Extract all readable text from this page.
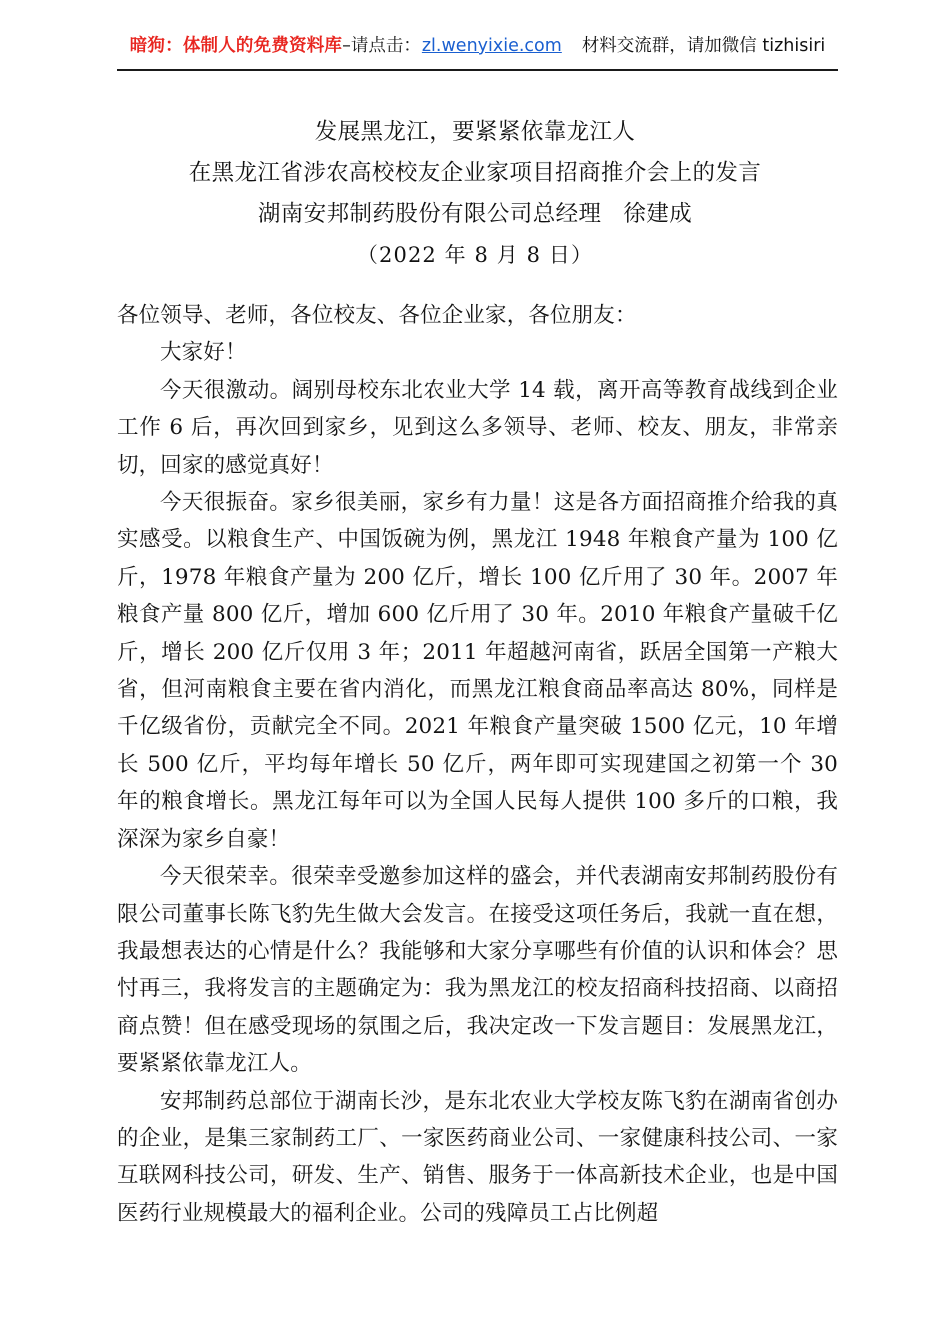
暗狗：体制人的免费资料库–请点击：zl.wenyixie.com 材料交流群，请加微信 tizhisiri
发展黑龙江，要紧紧依靠龙江人
在黑龙江省涉农高校校友企业家项目招商推介会上的发言
湖南安邦制药股份有限公司总经理 徐建成
（2022 年 8 月 8 日）

各位领导、老师，各位校友、各位企业家，各位朋友：

大家好！

今天很激动。阔别母校东北农业大学 14 载，离开高等教育战线到企业工作 6 后，再次回到家乡，见到这么多领导、老师、校友、朋友，非常亲切，回家的感觉真好！

今天很振奋。家乡很美丽，家乡有力量！这是各方面招商推介给我的真实感受。以粮食生产、中国饭碗为例，黑龙江 1948 年粮食产量为 100 亿斤，1978 年粮食产量为 200 亿斤，增长 100 亿斤用了 30 年。2007 年粮食产量 800 亿斤，增加 600 亿斤用了 30 年。2010 年粮食产量破千亿斤，增长 200 亿斤仅用 3 年；2011 年超越河南省，跃居全国第一产粮大省，但河南粮食主要在省内消化，而黑龙江粮食商品率高达 80%，同样是千亿级省份，贡献完全不同。2021 年粮食产量突破 1500 亿元，10 年增长 500 亿斤，平均每年增长 50 亿斤，两年即可实现建国之初第一个 30 年的粮食增长。黑龙江每年可以为全国人民每人提供 100 多斤的口粮，我深深为家乡自豪！

今天很荣幸。很荣幸受邀参加这样的盛会，并代表湖南安邦制药股份有限公司董事长陈飞豹先生做大会发言。在接受这项任务后，我就一直在想，我最想表达的心情是什么？我能够和大家分享哪些有价值的认识和体会？思忖再三，我将发言的主题确定为：我为黑龙江的校友招商科技招商、以商招商点赞！但在感受现场的氛围之后，我决定改一下发言题目：发展黑龙江，要紧紧依靠龙江人。

安邦制药总部位于湖南长沙，是东北农业大学校友陈飞豹在湖南省创办的企业，是集三家制药工厂、一家医药商业公司、一家健康科技公司、一家互联网科技公司，研发、生产、销售、服务于一体高新技术企业，也是中国医药行业规模最大的福利企业。公司的残障员工占比例超
